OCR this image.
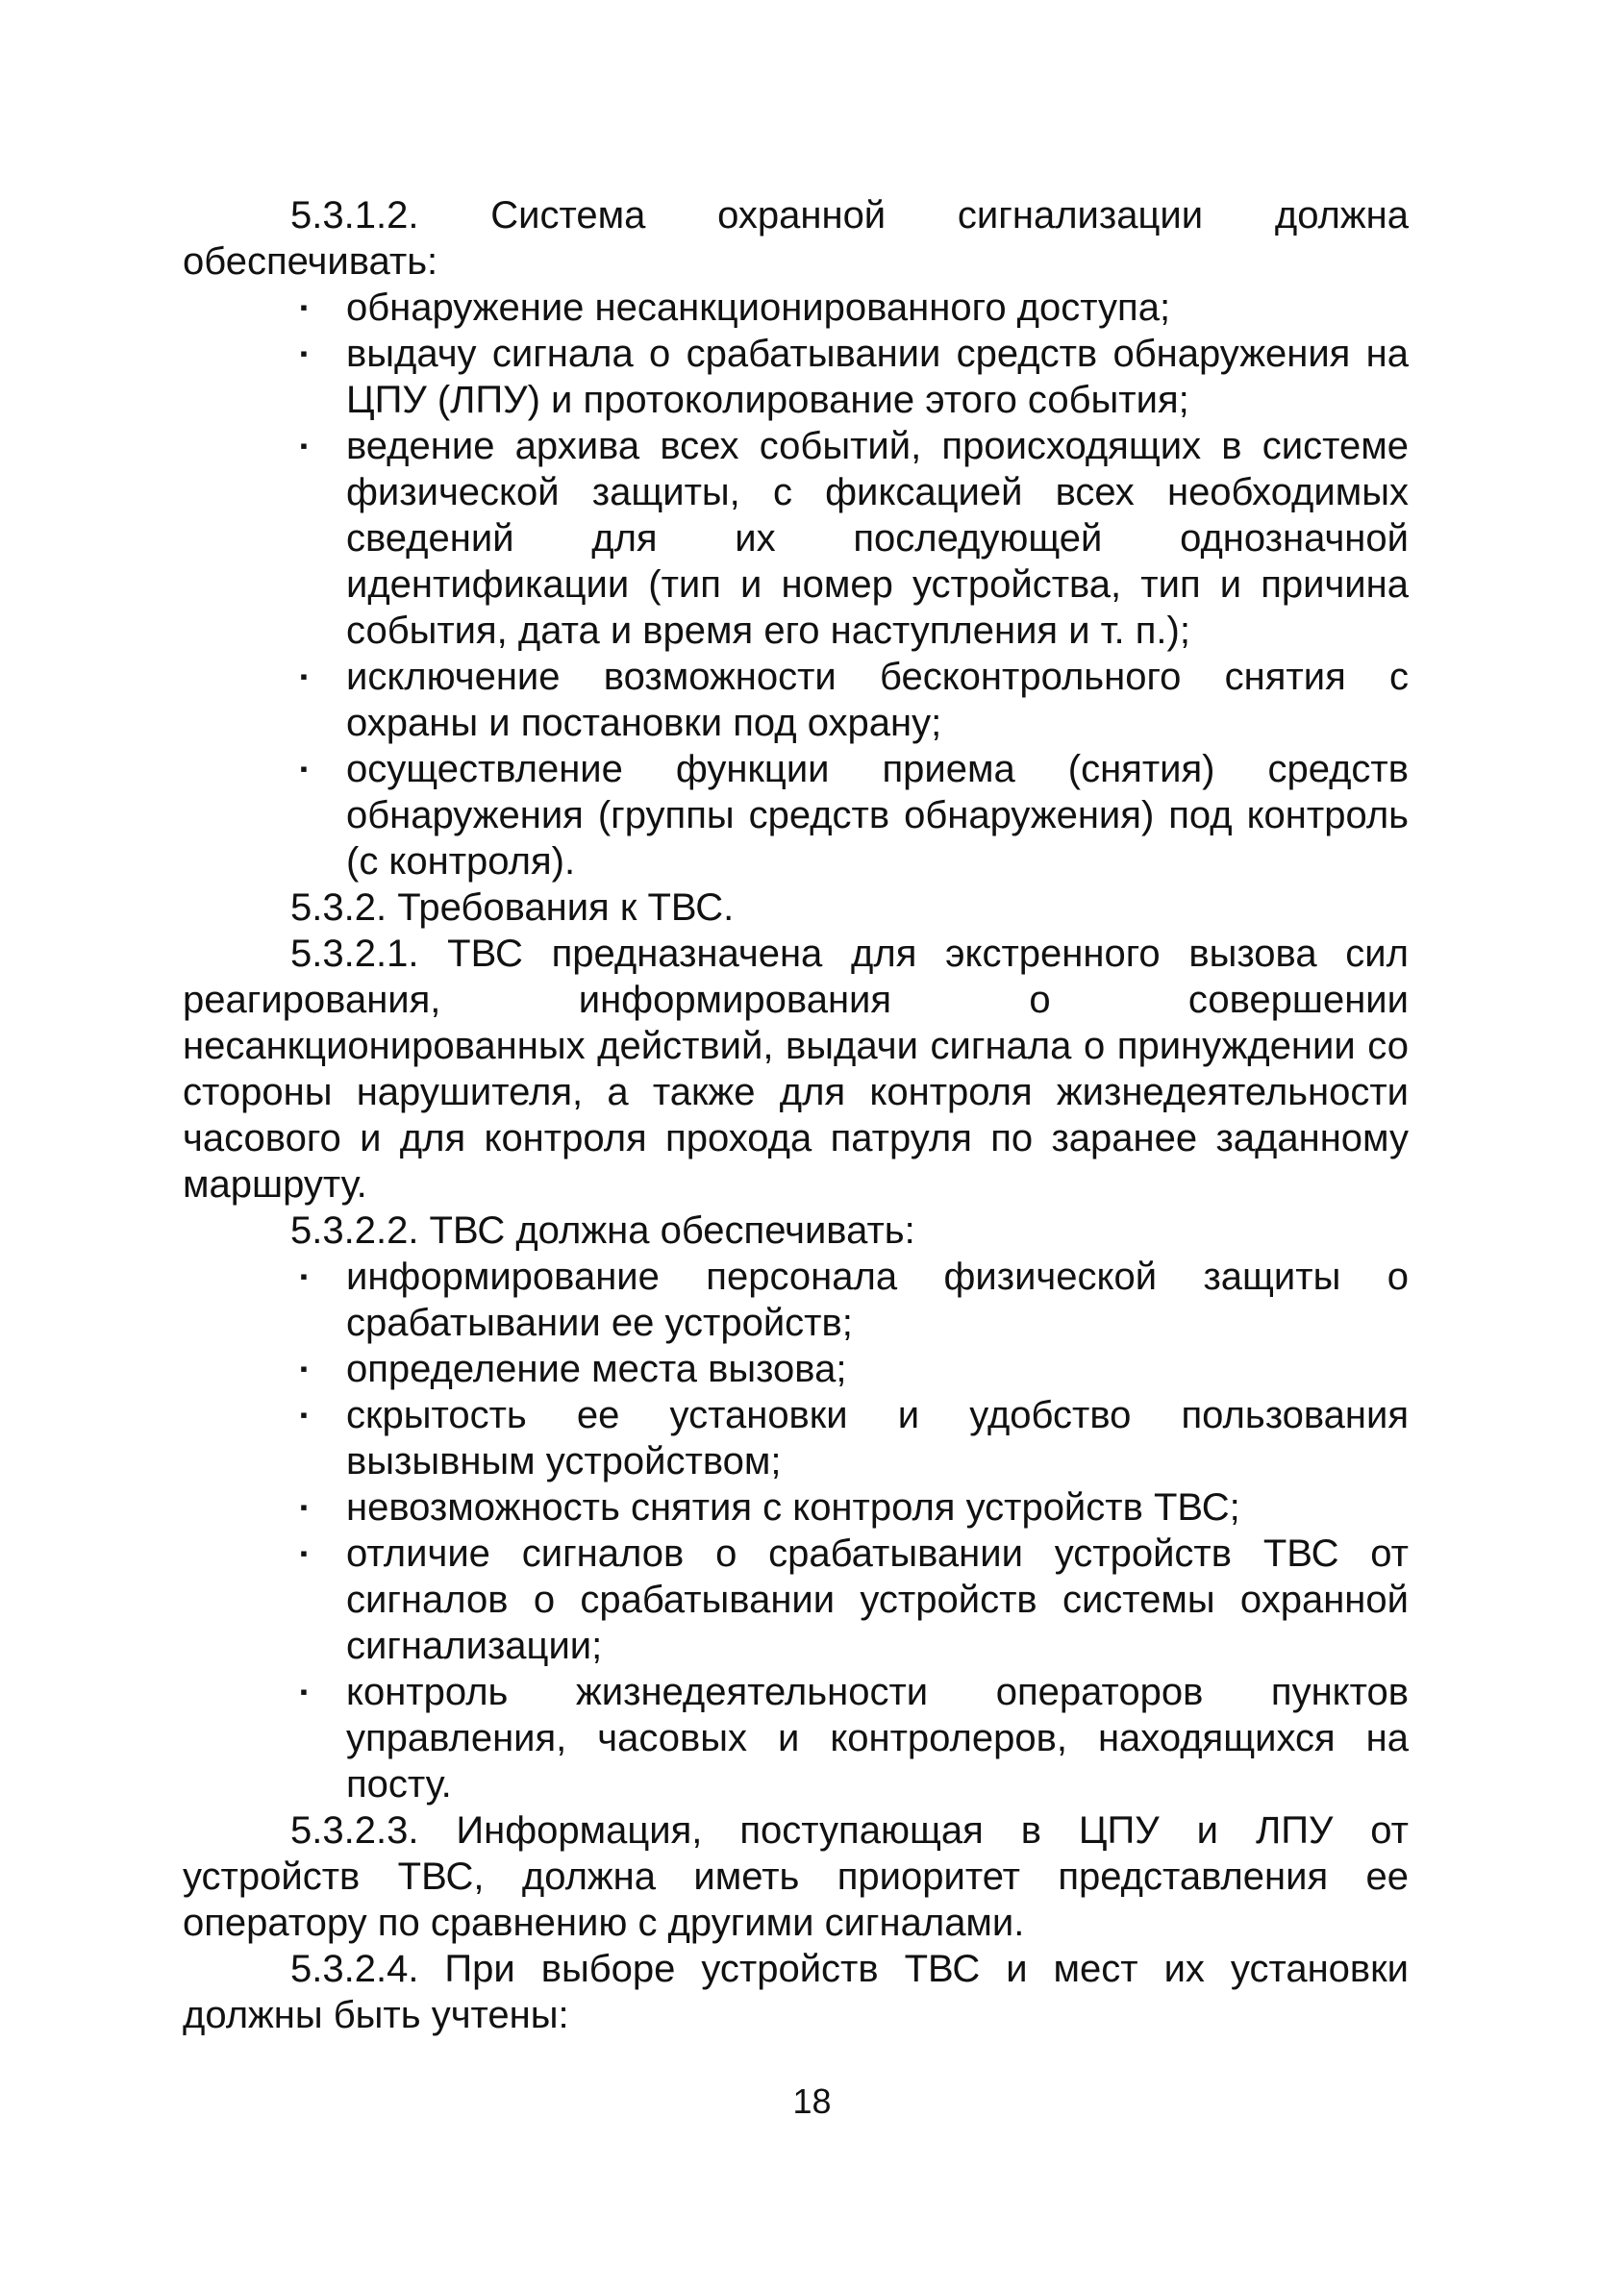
5.3.1.2. Система охранной сигнализации должна обеспечивать:

▪ обнаружение несанкционированного доступа;
▪ выдачу сигнала о срабатывании средств обнаружения на ЦПУ (ЛПУ) и протоколирование этого события;
▪ ведение архива всех событий, происходящих в системе физической защиты, с фиксацией всех необходимых сведений для их последующей однозначной идентификации (тип и номер устройства, тип и причина события, дата и время его наступления и т. п.);
▪ исключение возможности бесконтрольного снятия с охраны и постановки под охрану;
▪ осуществление функции приема (снятия) средств обнаружения (группы средств обнаружения) под контроль (с контроля).

5.3.2. Требования к ТВС.

5.3.2.1. ТВС предназначена для экстренного вызова сил реагирования, информирования о совершении несанкционированных действий, выдачи сигнала о принуждении со стороны нарушителя, а также для контроля жизнедеятельности часового и для контроля прохода патруля по заранее заданному маршруту.

5.3.2.2. ТВС должна обеспечивать:

▪ информирование персонала физической защиты о срабатывании ее устройств;
▪ определение места вызова;
▪ скрытость ее установки и удобство пользования вызывным устройством;
▪ невозможность снятия с контроля устройств ТВС;
▪ отличие сигналов о срабатывании устройств ТВС от сигналов о срабатывании устройств системы охранной сигнализации;
▪ контроль жизнедеятельности операторов пунктов управления, часовых и контролеров, находящихся на посту.

5.3.2.3. Информация, поступающая в ЦПУ и ЛПУ от устройств ТВС, должна иметь приоритет представления ее оператору по сравнению с другими сигналами.

5.3.2.4. При выборе устройств ТВС и мест их установки должны быть учтены:

18
